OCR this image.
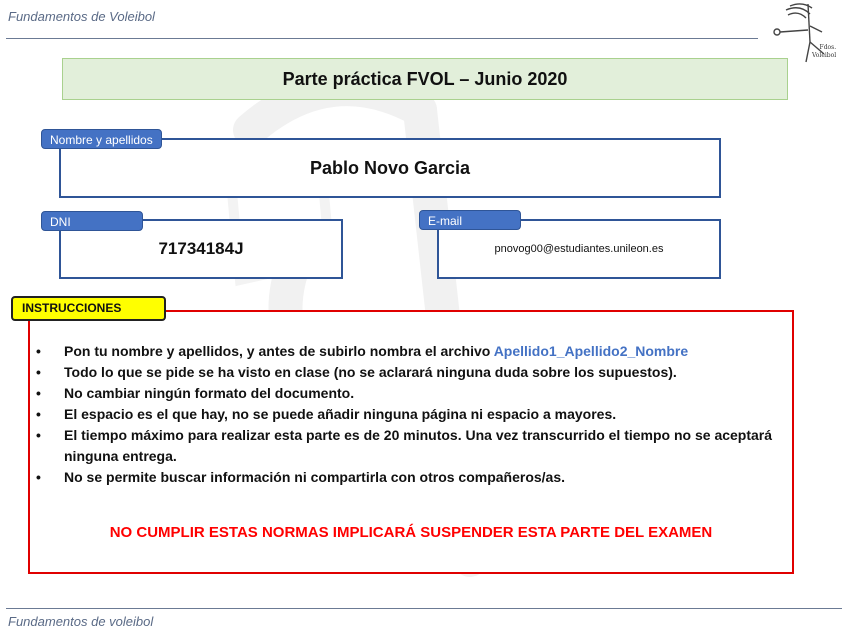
Fundamentos de Voleibol
Fdos.
Voleibol
Parte práctica FVOL – Junio 2020
Pablo Novo Garcia
Nombre y apellidos
71734184J
DNI
pnovog00@estudiantes.unileon.es
E-mail
INSTRUCCIONES
• Pon tu nombre y apellidos, y antes de subirlo nombra el archivo Apellido1_Apellido2_Nombre
• Todo lo que se pide se ha visto en clase (no se aclarará ninguna duda sobre los supuestos).
• No cambiar ningún formato del documento.
• El espacio es el que hay, no se puede añadir ninguna página ni espacio a mayores.
• El tiempo máximo para realizar esta parte es de 20 minutos. Una vez transcurrido el tiempo no se aceptará ninguna entrega.
• No se permite buscar información ni compartirla con otros compañeros/as.
NO CUMPLIR ESTAS NORMAS IMPLICARÁ SUSPENDER ESTA PARTE DEL EXAMEN
Fundamentos de voleibol
